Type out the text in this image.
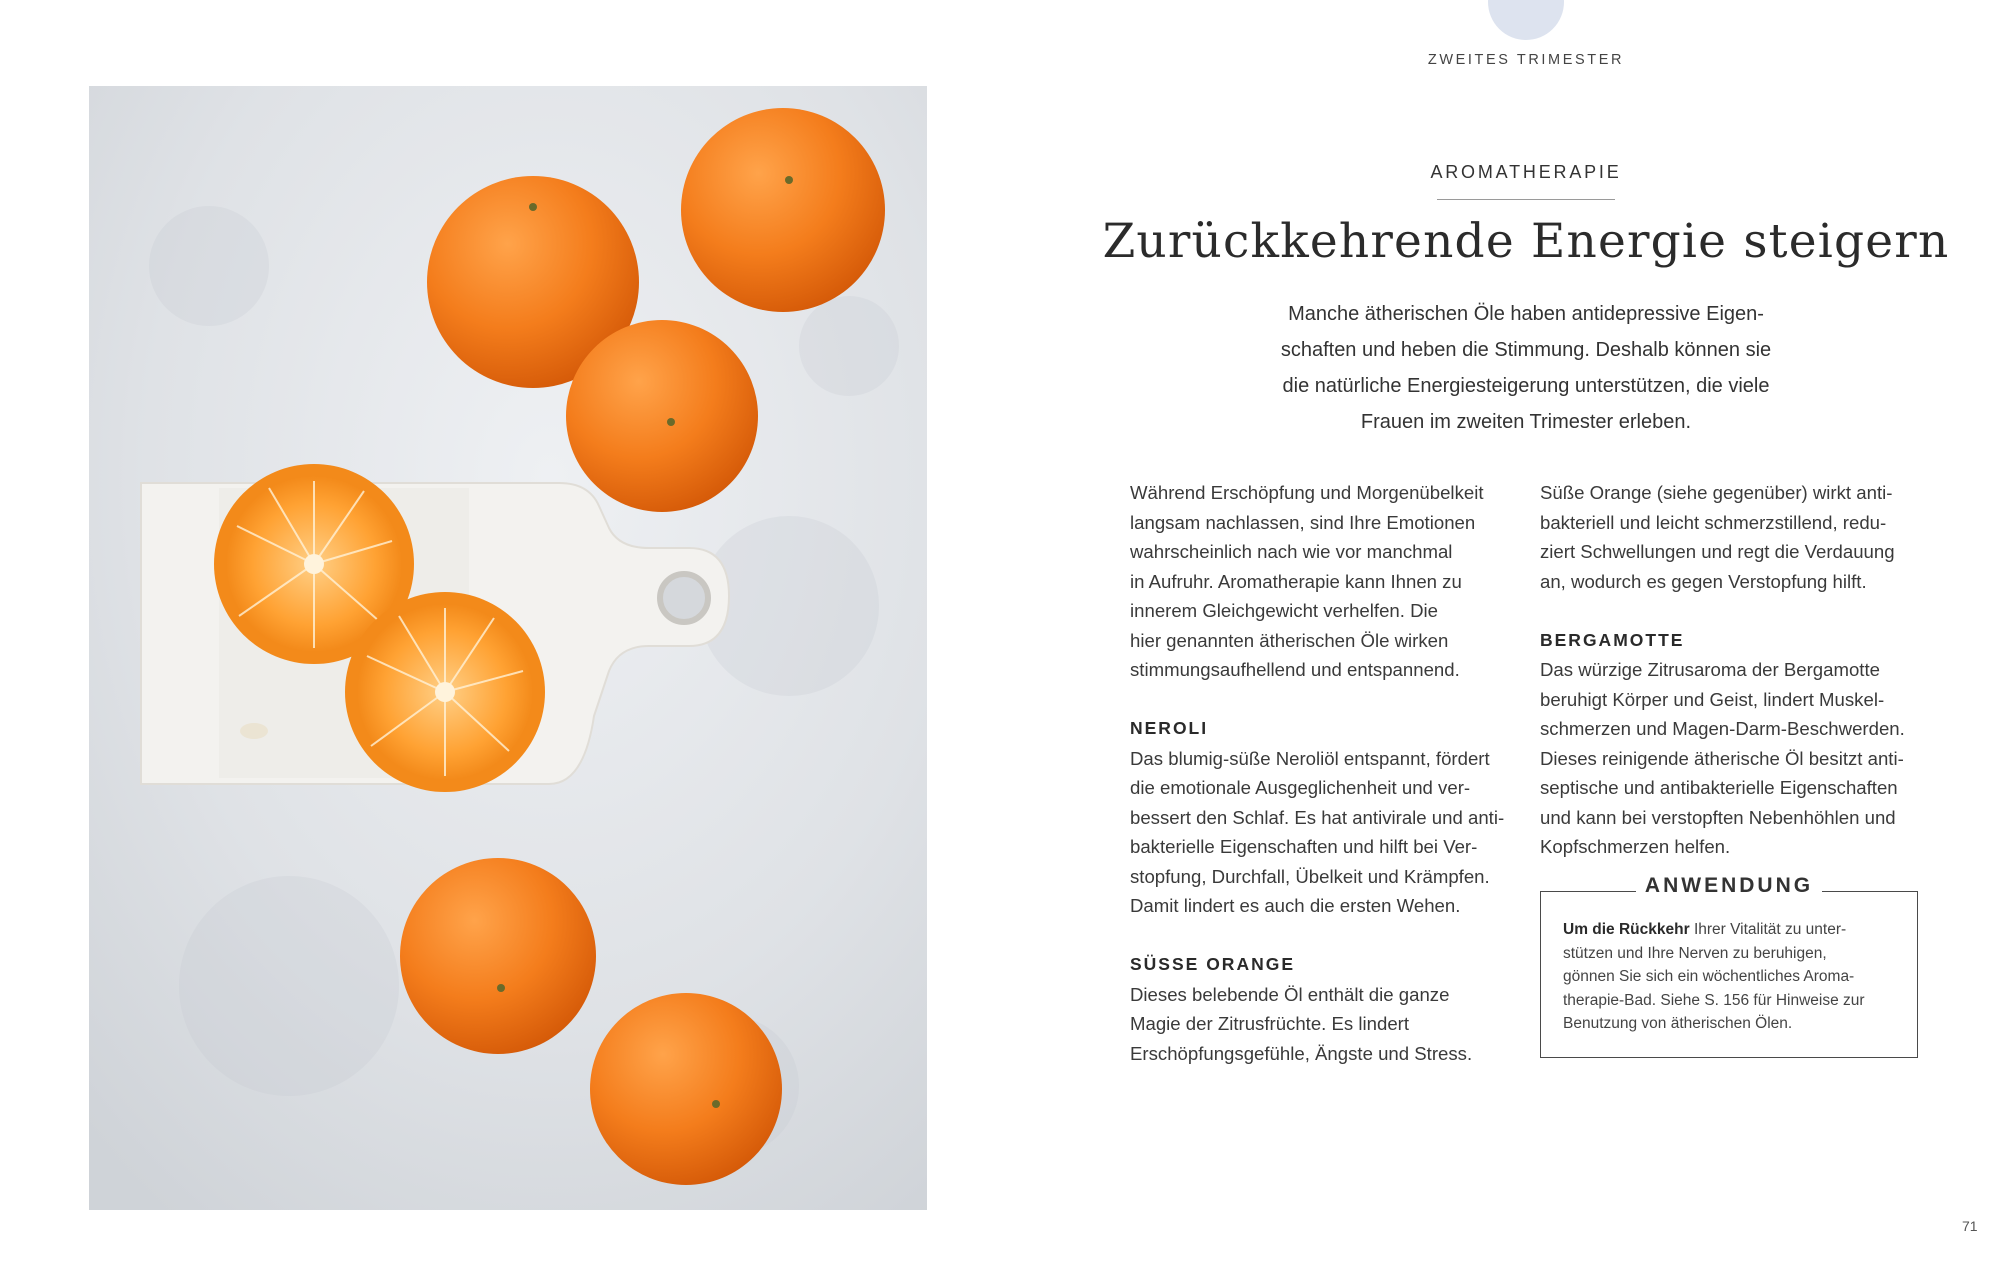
ZWEITES TRIMESTER
AROMATHERAPIE
Zurückkehrende Energie steigern
Manche ätherischen Öle haben antidepressive Eigen-
schaften und heben die Stimmung. Deshalb können sie
die natürliche Energiesteigerung unterstützen, die viele
Frauen im zweiten Trimester erleben.
Während Erschöpfung und Morgenübelkeit
langsam nachlassen, sind Ihre Emotionen
wahrscheinlich nach wie vor manchmal
in Aufruhr. Aromatherapie kann Ihnen zu
innerem Gleichgewicht verhelfen. Die
hier genannten ätherischen Öle wirken
stimmungsaufhellend und entspannend.
NEROLI
Das blumig-süße Neroliöl entspannt, fördert
die emotionale Ausgeglichenheit und ver-
bessert den Schlaf. Es hat antivirale und anti-
bakterielle Eigenschaften und hilft bei Ver-
stopfung, Durchfall, Übelkeit und Krämpfen.
Damit lindert es auch die ersten Wehen.
SÜSSE ORANGE
Dieses belebende Öl enthält die ganze
Magie der Zitrusfrüchte. Es lindert
Erschöpfungsgefühle, Ängste und Stress.
Süße Orange (siehe gegenüber) wirkt anti-
bakteriell und leicht schmerzstillend, redu-
ziert Schwellungen und regt die Verdauung
an, wodurch es gegen Verstopfung hilft.
BERGAMOTTE
Das würzige Zitrusaroma der Bergamotte
beruhigt Körper und Geist, lindert Muskel-
schmerzen und Magen-Darm-Beschwerden.
Dieses reinigende ätherische Öl besitzt anti-
septische und antibakterielle Eigenschaften
und kann bei verstopften Nebenhöhlen und
Kopfschmerzen helfen.
ANWENDUNG
Um die Rückkehr Ihrer Vitalität zu unter-
stützen und Ihre Nerven zu beruhigen,
gönnen Sie sich ein wöchentliches Aroma-
therapie-Bad. Siehe S. 156 für Hinweise zur
Benutzung von ätherischen Ölen.
71
